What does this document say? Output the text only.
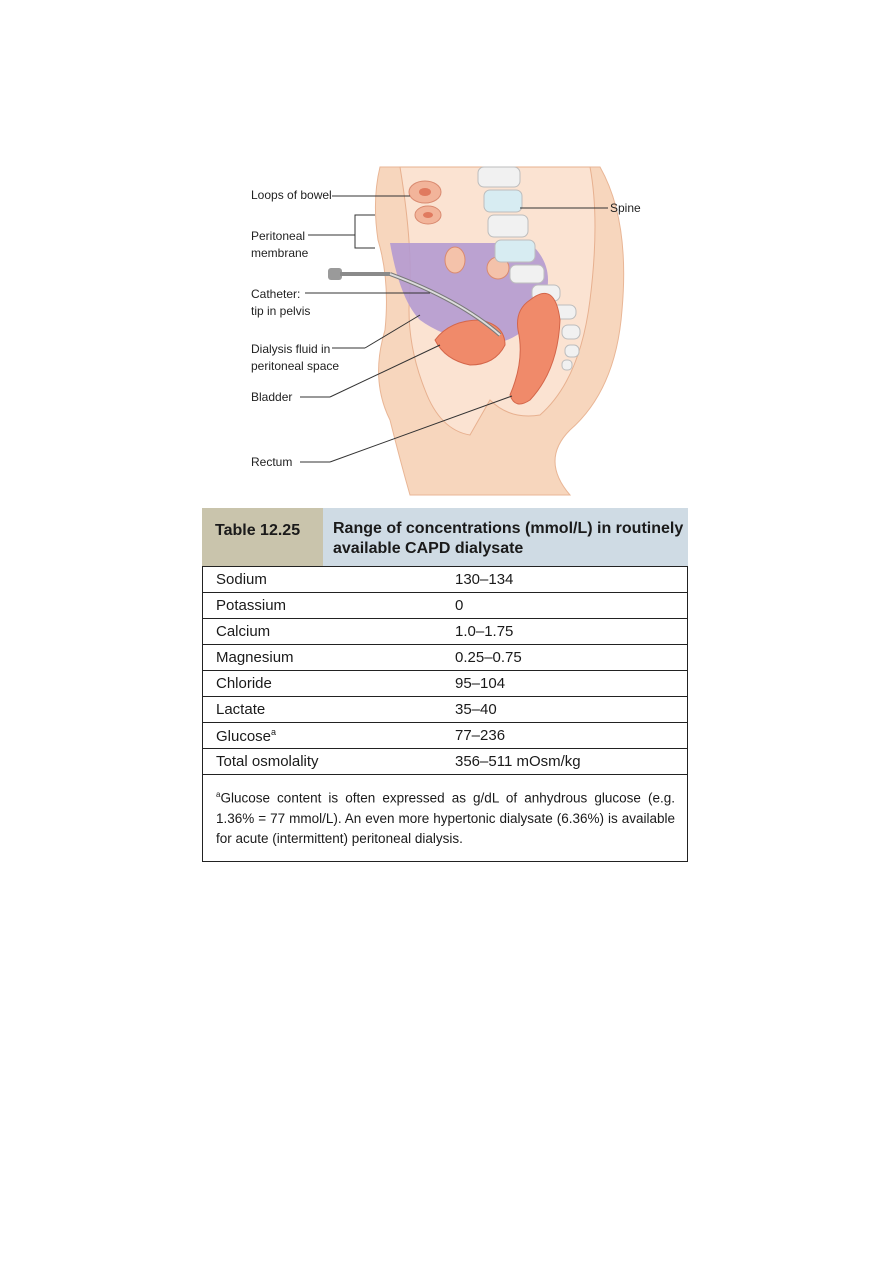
Loops of bowel
Peritoneal
membrane
Catheter:
tip in pelvis
Dialysis fluid in
peritoneal space
Bladder
Rectum
Spine
Table 12.25	Range of concentrations (mmol/L) in routinely available CAPD dialysate
Sodium	130–134
Potassium	0
Calcium	1.0–1.75
Magnesium	0.25–0.75
Chloride	95–104
Lactate	35–40
Glucose$^a$	77–236
Total osmolality	356–511 mOsm/kg
$^a$Glucose content is often expressed as g/dL of anhydrous glucose (e.g. 1.36% = 77 mmol/L). An even more hypertonic dialysate (6.36%) is available for acute (intermittent) peritoneal dialysis.
